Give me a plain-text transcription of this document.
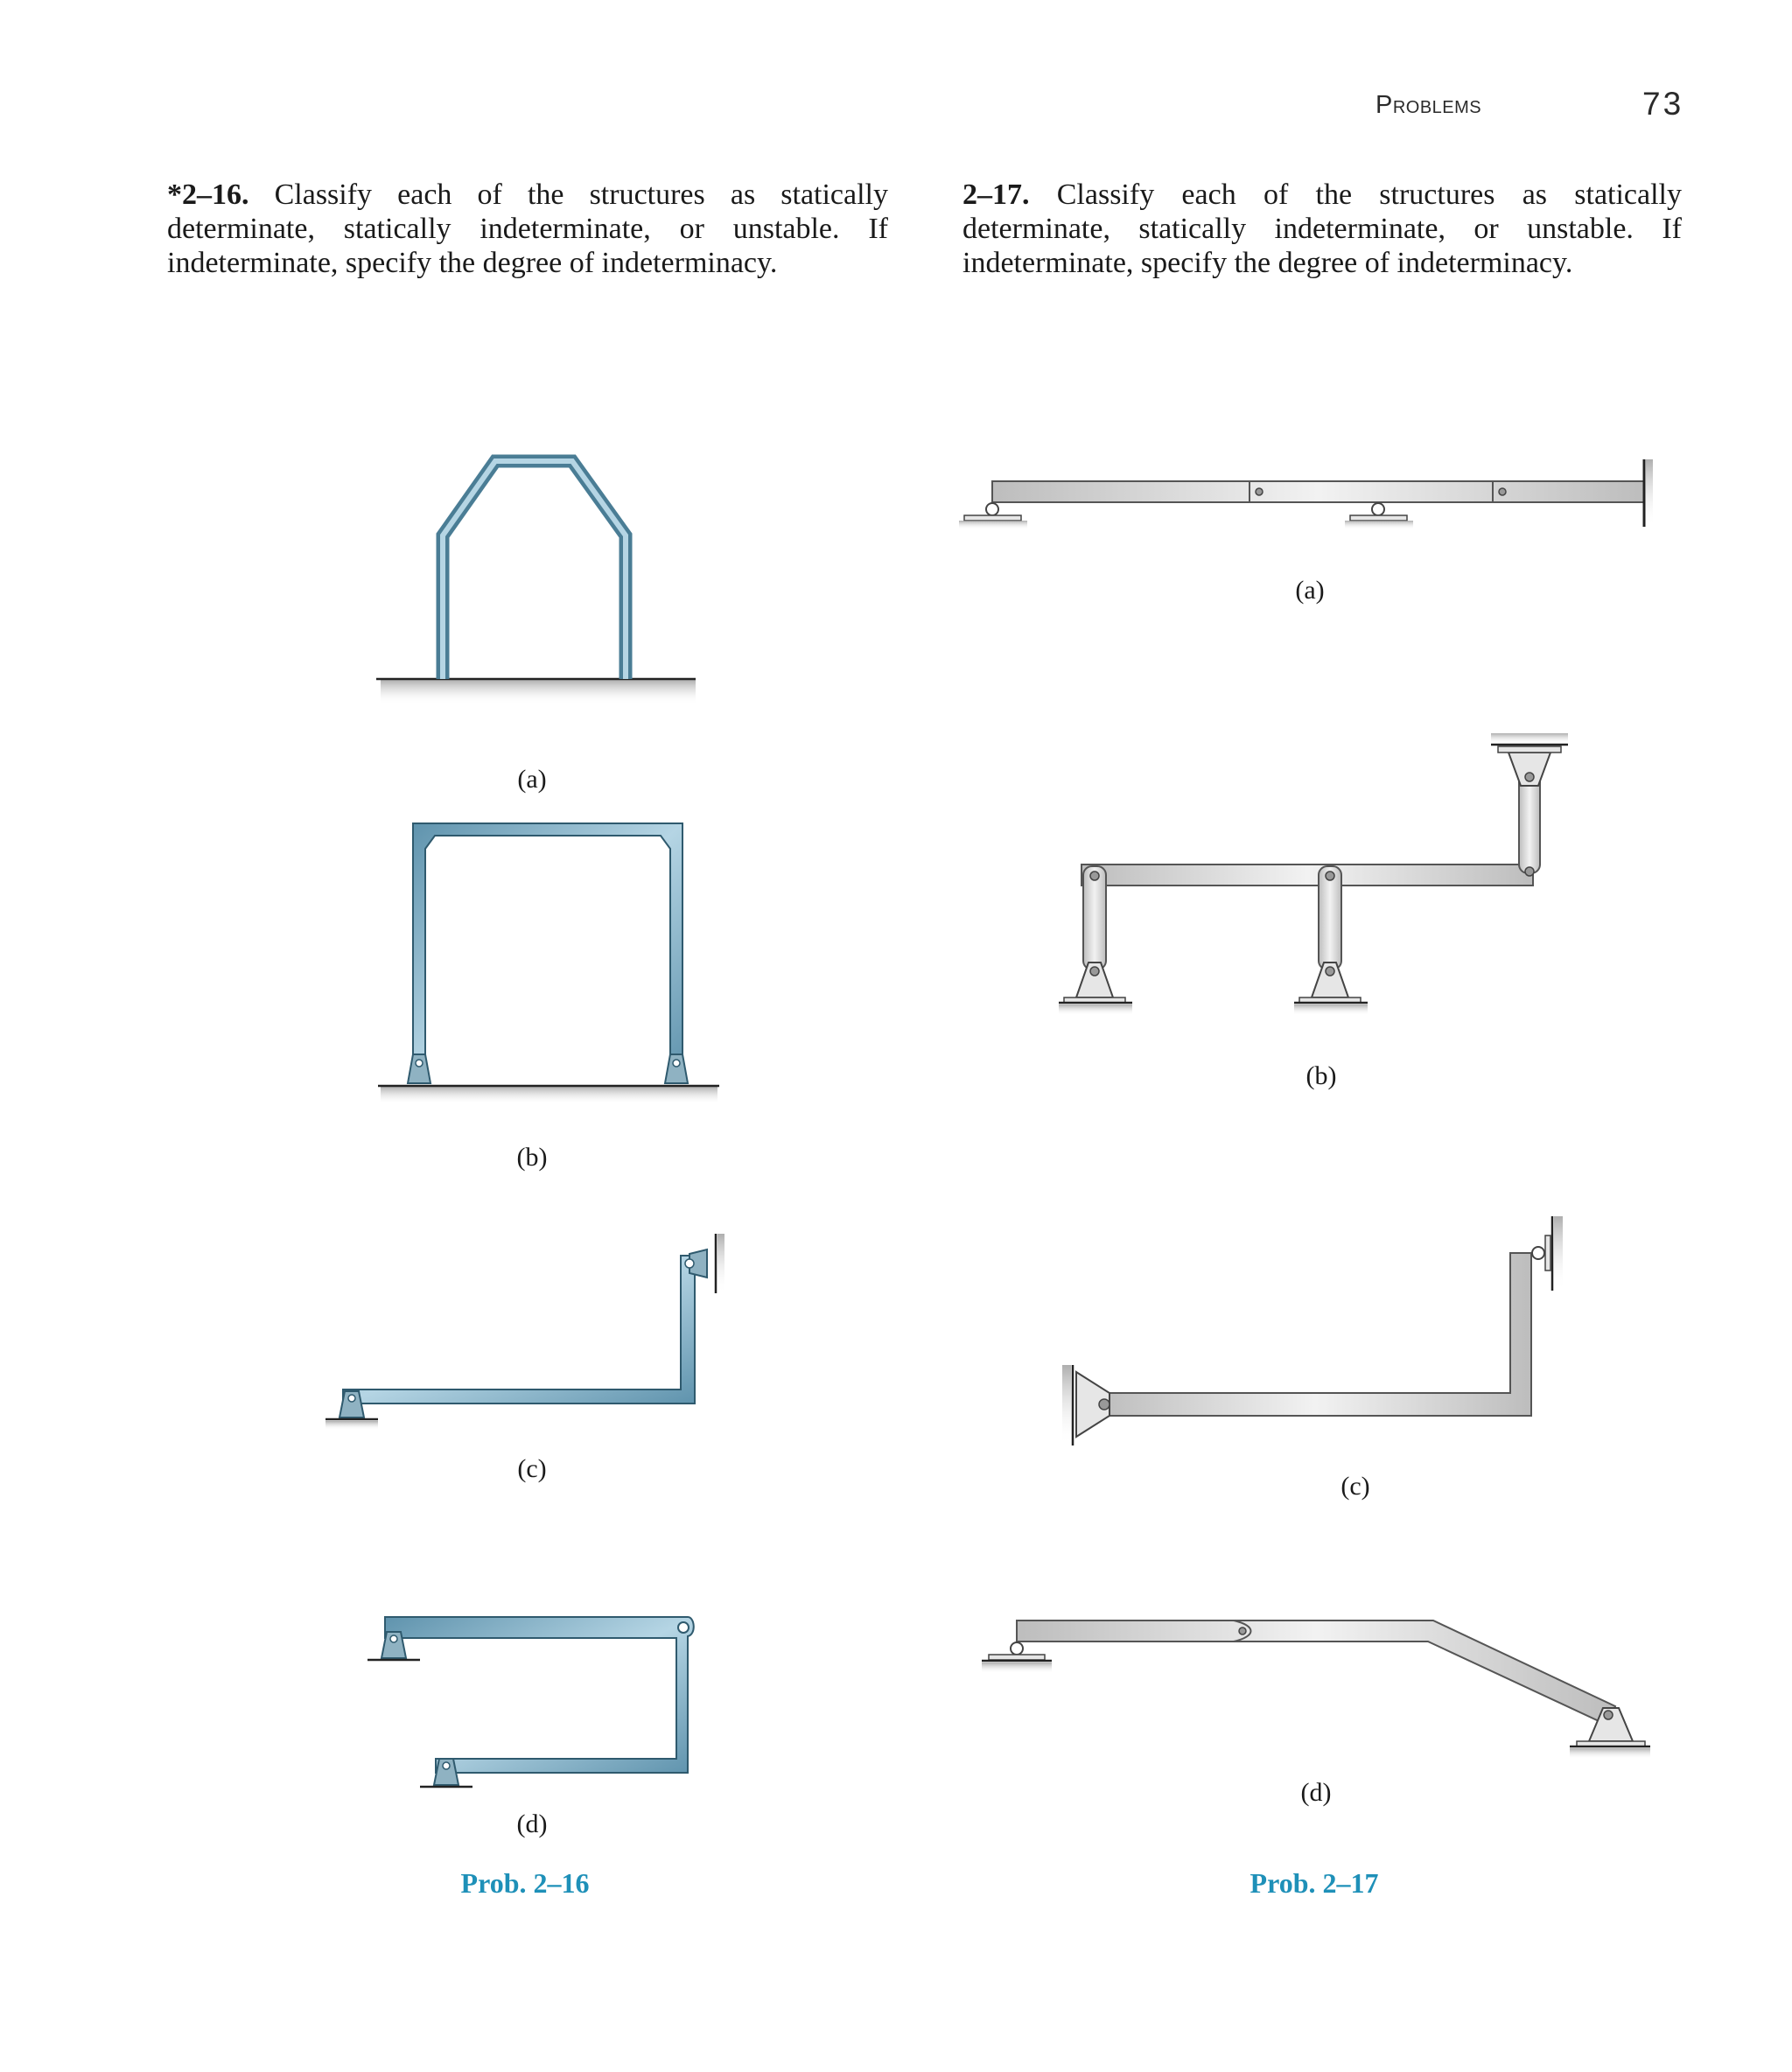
Problems	73
*2–16. Classify each of the structures as statically determinate, statically indeterminate, or unstable. If indeterminate, specify the degree of indeterminacy.
2–17. Classify each of the structures as statically determinate, statically indeterminate, or unstable. If indeterminate, specify the degree of indeterminacy.
(a)
(b)
(c)
(d)
(a)
(b)
(c)
(d)
Prob. 2–16	Prob. 2–17
